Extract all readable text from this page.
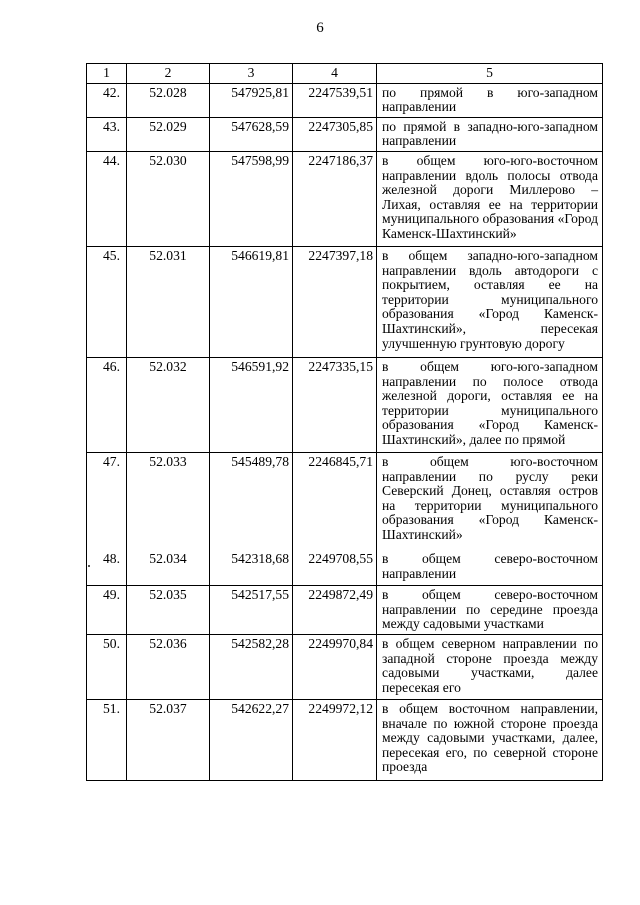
6
1	2	3	4	5
42.	52.028	547925,81	2247539,51	по прямой в юго-западном направлении
43.	52.029	547628,59	2247305,85	по прямой в западно-юго-западном направлении
44.	52.030	547598,99	2247186,37	в общем юго-юго-восточном направлении вдоль полосы отвода железной дороги Миллерово – Лихая, оставляя ее на территории муниципального образования «Город Каменск-Шахтинский»
45.	52.031	546619,81	2247397,18	в общем западно-юго-западном направлении вдоль автодороги с покрытием, оставляя ее на территории муниципального образования «Город Каменск-Шахтинский», пересекая улучшенную грунтовую дорогу
46.	52.032	546591,92	2247335,15	в общем юго-юго-западном направлении по полосе отвода железной дороги, оставляя ее на территории муниципального образования «Город Каменск-Шахтинский», далее по прямой
47.	52.033	545489,78	2246845,71	в общем юго-восточном направлении по руслу реки Северский Донец, оставляя остров на территории муниципального образования «Город Каменск-Шахтинский»
48.	52.034	542318,68	2249708,55	в общем северо-восточном направлении
49.	52.035	542517,55	2249872,49	в общем северо-восточном направлении по середине проезда между садовыми участками
50.	52.036	542582,28	2249970,84	в общем северном направлении по западной стороне проезда между садовыми участками, далее пересекая его
51.	52.037	542622,27	2249972,12	в общем восточном направлении, вначале по южной стороне проезда между садовыми участками, далее, пересекая его, по северной стороне проезда
